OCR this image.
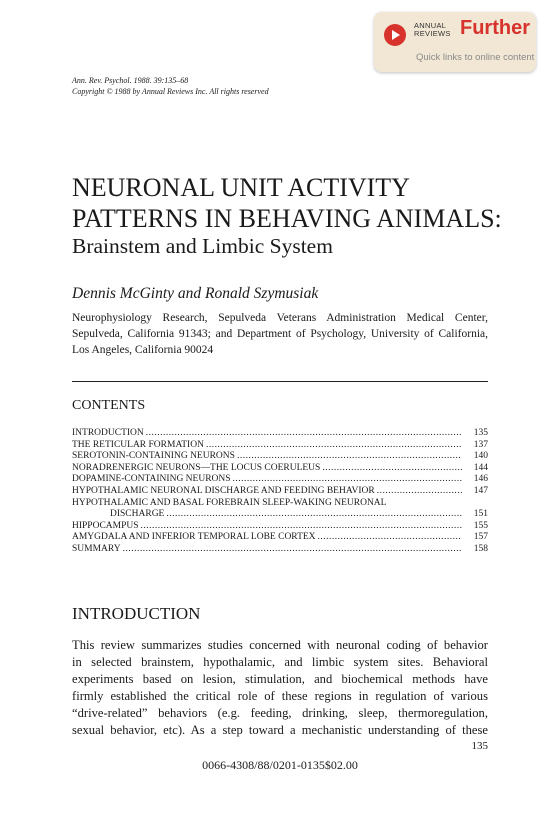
ANNUAL
REVIEWS Further
Quick links to online content
Ann. Rev. Psychol. 1988. 39:135–68
Copyright © 1988 by Annual Reviews Inc. All rights reserved
NEURONAL UNIT ACTIVITY
PATTERNS IN BEHAVING ANIMALS:
Brainstem and Limbic System
Dennis McGinty and Ronald Szymusiak
Neurophysiology Research, Sepulveda Veterans Administration Medical Center, Sepulveda, California 91343; and Department of Psychology, University of California, Los Angeles, California 90024
CONTENTS
INTRODUCTION .....	135
THE RETICULAR FORMATION .....	137
SEROTONIN-CONTAINING NEURONS .....	140
NORADRENERGIC NEURONS—THE LOCUS COERULEUS .....	144
DOPAMINE-CONTAINING NEURONS .....	146
HYPOTHALAMIC NEURONAL DISCHARGE AND FEEDING BEHAVIOR .....	147
HYPOTHALAMIC AND BASAL FOREBRAIN SLEEP-WAKING NEURONAL
DISCHARGE .....	151
HIPPOCAMPUS .....	155
AMYGDALA AND INFERIOR TEMPORAL LOBE CORTEX .....	157
SUMMARY .....	158
INTRODUCTION
This review summarizes studies concerned with neuronal coding of behavior
in selected brainstem, hypothalamic, and limbic system sites. Behavioral
experiments based on lesion, stimulation, and biochemical methods have
firmly established the critical role of these regions in regulation of various
“drive-related” behaviors (e.g. feeding, drinking, sleep, thermoregulation,
sexual behavior, etc). As a step toward a mechanistic understanding of these
135
0066-4308/88/0201-0135$02.00
